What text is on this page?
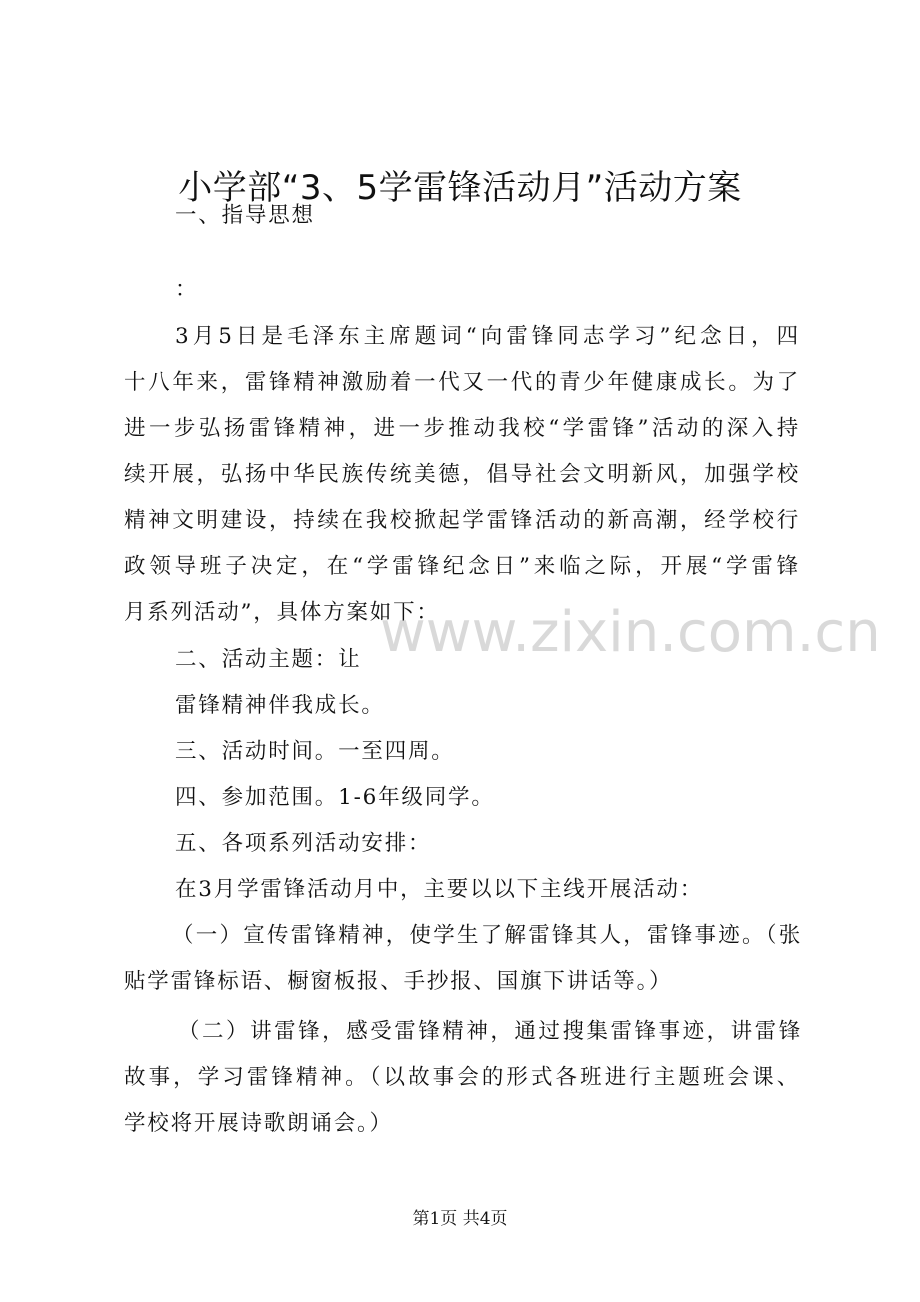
小学部“3、5学雷锋活动月”活动方案
一、指导思想
：
3月5日是毛泽东主席题词“向雷锋同志学习”纪念日，四
十八年来，雷锋精神激励着一代又一代的青少年健康成长。为了
进一步弘扬雷锋精神，进一步推动我校“学雷锋”活动的深入持
续开展，弘扬中华民族传统美德，倡导社会文明新风，加强学校
精神文明建设，持续在我校掀起学雷锋活动的新高潮，经学校行
政领导班子决定，在“学雷锋纪念日”来临之际，开展“学雷锋
月系列活动”，具体方案如下：
二、活动主题：让
雷锋精神伴我成长。
三、活动时间。一至四周。
四、参加范围。1-6年级同学。
五、各项系列活动安排：
在3月学雷锋活动月中，主要以以下主线开展活动：
（一）宣传雷锋精神，使学生了解雷锋其人，雷锋事迹。（张
贴学雷锋标语、橱窗板报、手抄报、国旗下讲话等。）
（二）讲雷锋，感受雷锋精神，通过搜集雷锋事迹，讲雷锋
故事，学习雷锋精神。（以故事会的形式各班进行主题班会课、
学校将开展诗歌朗诵会。）
www.zixin.com.cn
第1页 共4页
